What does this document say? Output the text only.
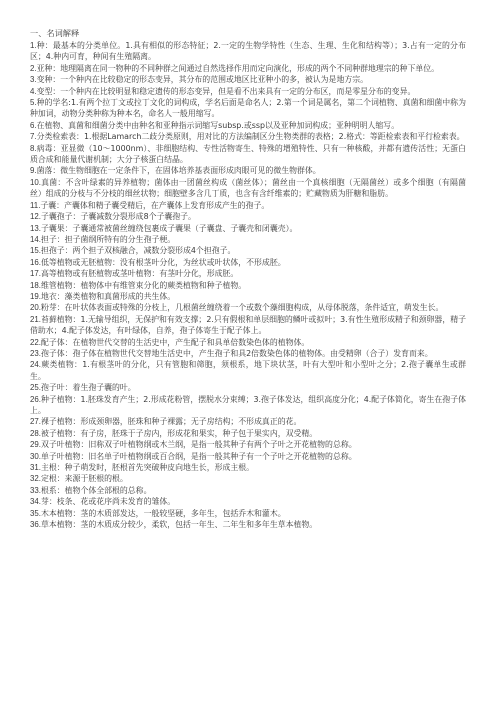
一、名词解释

1.种：最基本的分类单位。1.具有相似的形态特征；2.一定的生物学特性（生态、生理、生化和结构等）；3.占有一定的分布区；4.种内可育，种间有生殖隔离。

2.亚种：地理隔离在同一物种的不同种群之间通过自然选择作用而定向演化，形成的两个不同种群地理宗的种下单位。

3.变种：一个种内在比较稳定的形态变异，其分布的范围或地区比亚种小的多，被认为是地方宗。

4.变型：一个种内在比较明显和稳定遗传的形态变异，但是看不出来具有一定的分布区，而是零星分布的变异。

5.种的学名:1.有两个拉丁文或拉丁文化的词构成，学名后面是命名人；2.第一个词是属名，第二个词植物、真菌和细菌中称为种加词，动物分类种称为种本名，命名人一般用缩写。

6.在植物、真菌和细菌分类中由种名和亚种指示词缩写subsp.或ssp以及亚种加词构成；亚种明明人缩写。

7.分类检索表：1.根据Lamarch二歧分类原则，用对比的方法编制区分生物类群的表格；2.格式：等距检索表和平行检索表。

8.病毒：亚显微（10～1000nm）、非细胞结构、专性活物寄生、特殊的增殖特性、只有一种核酸，并都有遗传活性；无蛋白质合成和能量代谢机制；大分子核蛋白结晶。

9.菌落：微生物细胞在一定条件下，在固体培养基表面形成肉眼可见的微生物群体。

10.真菌：不含叶绿素的异养植物；菌体由一团菌丝构成（菌丝体）；菌丝由一个真核细胞（无隔菌丝）或多个细胞（有隔菌丝）组成的分枝与不分枝的细丝状物；细胞壁多含几丁质，也含有含纤维素的；贮藏物质为肝糖和脂肪。

11.子囊：产囊体和精子囊受精后，在产囊体上发育形成产生的孢子。

12.子囊孢子：子囊减数分裂形成8个子囊孢子。

13.子囊果：子囊通常被菌丝缠绕包裹成子囊果（子囊盘、子囊壳和闭囊壳）。

14.担子：担子菌纲所特有的分生孢子梗。

15.担孢子：两个担子双核融合，减数分裂形成4个担孢子。

16.低等植物或无胚植物：没有根茎叶分化，为丝状或叶状体，不形成胚。

17.高等植物或有胚植物或茎叶植物：有茎叶分化，形成胚。

18.维管植物：植物体中有维管束分化的蕨类植物和种子植物。

19.地衣：藻类植物和真菌形成的共生体。

20.粉芽：在叶状体表面或特殊的分枝上，几根菌丝缠绕着一个或数个藻细胞构成，从母体脱落，条件适宜，萌发生长。

21.苔藓植物：1.无输导组织，无保护和有效支撑；2.只有假根和单层细胞的鳞叶或拟叶；3.有性生殖形成精子和颈卵器，精子借助水；4.配子体发达，有叶绿体，自养，孢子体寄生于配子体上。

22.配子体：在植物世代交替的生活史中，产生配子和具单倍数染色体的植物体。

23.孢子体：孢子体在植物世代交替地生活史中，产生孢子和具2倍数染色体的植物体。由受精卵（合子）发育而来。

24.蕨类植物：1.有根茎叶的分化，只有管胞和筛胞，须根系，地下块状茎，叶有大型叶和小型叶之分；2.孢子囊单生或群生。

25.孢子叶：着生孢子囊的叶。

26.种子植物：1.胚珠发育产生；2.形成花粉管，摆脱水分束缚；3.孢子体发达，组织高度分化；4.配子体简化，寄生在孢子体上。

27.裸子植物：形成颈卵器，胚珠和种子裸露；无子房结构；不形成真正的花。

28.被子植物：有子房，胚珠于子房内，形成花和果实，种子包于果实内，双受精。

29.双子叶植物：旧称双子叶植物纲或木兰纲，是指一般其种子有两个子叶之开花植物的总称。

30.单子叶植物：旧名单子叶植物纲或百合纲，是指一般其种子有一个子叶之开花植物的总称。

31.主根：种子萌发时，胚根首先突破种皮向地生长，形成主根。

32.定根：来源于胚根的根。

33.根系：植物个体全部根的总称。

34.芽：枝条、花或花序尚未发育的雏体。

35.木本植物：茎的木质部发达，一般较坚硬，多年生，包括乔木和灌木。

36.草本植物：茎的木质成分较少，柔软，包括一年生、二年生和多年生草本植物。
